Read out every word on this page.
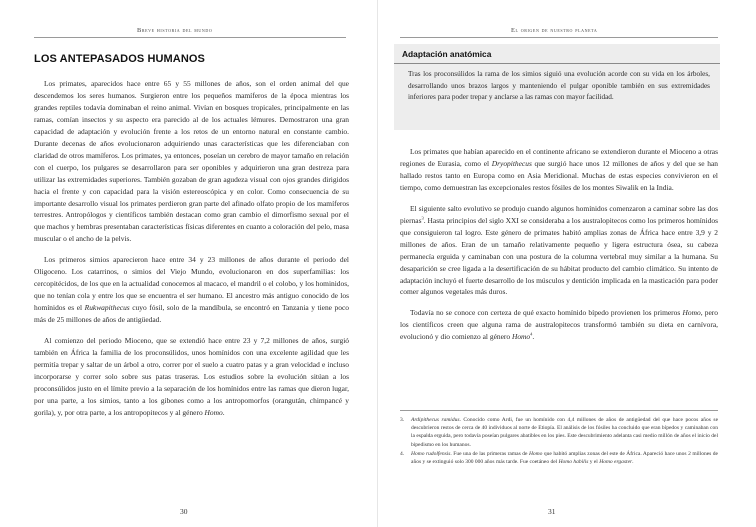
Breve historia del mundo
LOS ANTEPASADOS HUMANOS

Los primates, aparecidos hace entre 65 y 55 millones de años, son el orden animal del que descendemos los seres humanos. Surgieron entre los pequeños mamíferos de la época mientras los grandes reptiles todavía dominaban el reino animal. Vivían en bosques tropicales, principalmente en las ramas, comían insectos y su aspecto era parecido al de los actuales lémures. Demostraron una gran capacidad de adaptación y evolución frente a los retos de un entorno natural en constante cambio. Durante decenas de años evolucionaron adquiriendo unas características que les diferenciaban con claridad de otros mamíferos. Los primates, ya entonces, poseían un cerebro de mayor tamaño en relación con el cuerpo, los pulgares se desarrollaron para ser oponibles y adquirieron una gran destreza para utilizar las extremidades superiores. También gozaban de gran agudeza visual con ojos grandes dirigidos hacia el frente y con capacidad para la visión estereoscópica y en color. Como consecuencia de su importante desarrollo visual los primates perdieron gran parte del afinado olfato propio de los mamíferos terrestres. Antropólogos y científicos también destacan como gran cambio el dimorfismo sexual por el que machos y hembras presentaban características físicas diferentes en cuanto a coloración del pelo, masa muscular o el ancho de la pelvis.

Los primeros simios aparecieron hace entre 34 y 23 millones de años durante el periodo del Oligoceno. Los catarrinos, o simios del Viejo Mundo, evolucionaron en dos superfamilias: los cercopitécidos, de los que en la actualidad conocemos al macaco, el mandril o el colobo, y los hominidos, que no tenían cola y entre los que se encuentra el ser humano. El ancestro más antiguo conocido de los homínidos es el Rukwapithecus cuyo fósil, solo de la mandíbula, se encontró en Tanzania y tiene poco más de 25 millones de años de antigüedad.

Al comienzo del periodo Mioceno, que se extendió hace entre 23 y 7,2 millones de años, surgió también en África la familia de los proconsúlidos, unos homínidos con una excelente agilidad que les permitía trepar y saltar de un árbol a otro, correr por el suelo a cuatro patas y a gran velocidad e incluso incorporarse y correr solo sobre sus patas traseras. Los estudios sobre la evolución sitúan a los proconsúlidos justo en el límite previo a la separación de los homínidos entre las ramas que dieron lugar, por una parte, a los simios, tanto a los gibones como a los antropomorfos (orangután, chimpancé y gorila), y, por otra parte, a los antropopitecos y al género Homo.

30
El origen de nuestro planeta
Adaptación anatómica
Tras los proconsúlidos la rama de los simios siguió una evolución acorde con su vida en los árboles, desarrollando unos brazos largos y manteniendo el pulgar oponible también en sus extremidades inferiores para poder trepar y anclarse a las ramas con mayor facilidad.

Los primates que habían aparecido en el continente africano se extendieron durante el Mioceno a otras regiones de Eurasia, como el Dryopithecus que surgió hace unos 12 millones de años y del que se han hallado restos tanto en Europa como en Asia Meridional. Muchas de estas especies convivieron en el tiempo, como demuestran las excepcionales restos fósiles de los montes Siwalik en la India.

El siguiente salto evolutivo se produjo cuando algunos homínidos comenzaron a caminar sobre las dos piernas$^3$. Hasta principios del siglo XXI se consideraba a los australopitecos como los primeros homínidos que consiguieron tal logro. Este género de primates habitó amplias zonas de África hace entre 3,9 y 2 millones de años. Eran de un tamaño relativamente pequeño y ligera estructura ósea, su cabeza permanecía erguida y caminaban con una postura de la columna vertebral muy similar a la humana. Su desaparición se cree ligada a la desertificación de su hábitat producto del cambio climático. Su intento de adaptación incluyó el fuerte desarrollo de los músculos y dentición implicada en la masticación para poder comer algunos vegetales más duros.

Todavía no se conoce con certeza de qué exacto homínido bípedo provienen los primeros Homo, pero los científicos creen que alguna rama de australopitecos transformó también su dieta en carnívora, evolucionó y dio comienzo al género Homo$^4$.

3. Ardipithecus ramidus. Conocido como Ardi, fue un homínido con 4,4 millones de años de antigüedad del que hace pocos años se descubrieron restos de cerca de 40 individuos al norte de Etiopía. El análisis de los fósiles ha concluido que eran bípedos y caminaban con la espalda erguida, pero todavía poseían pulgares abatibles en los pies. Este descubrimiento adelanta casi medio millón de años el inicio del bipedismo en los humanos.
4. Homo rudolfensis. Fue una de las primeras ramas de Homo que habitó amplias zonas del este de África. Apareció hace unos 2 millones de años y se extinguió solo 300 000 años más tarde. Fue coetáneo del Homo habilis y el Homo ergaster.
31
